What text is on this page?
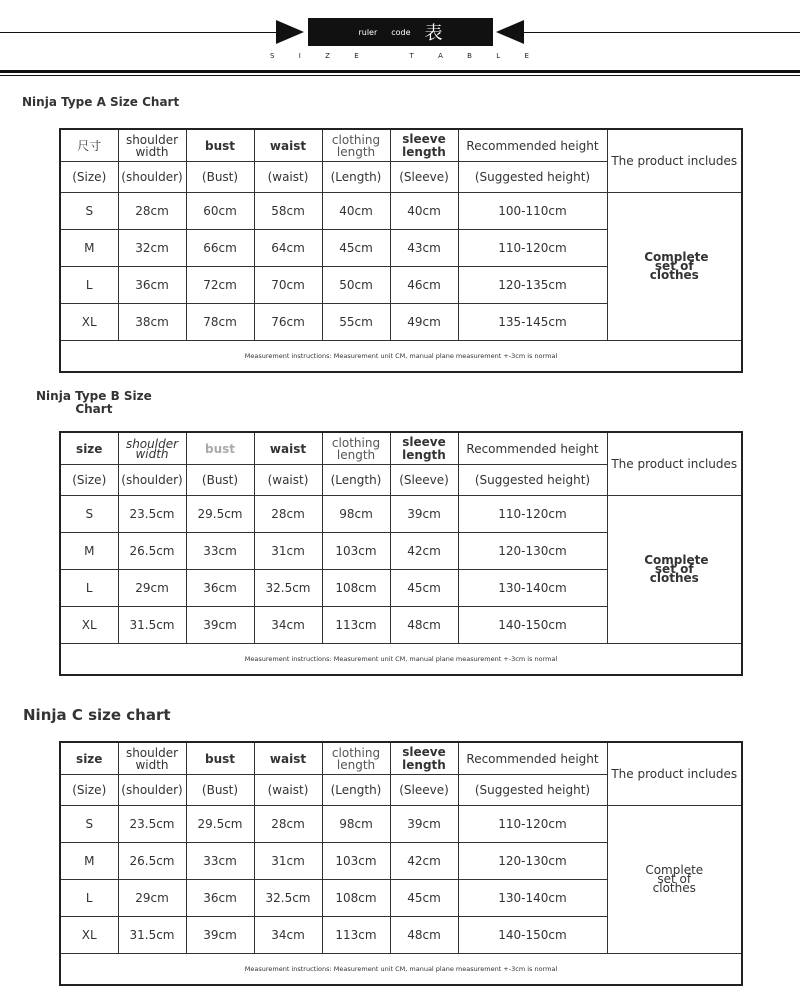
ruler code 表
S	I	Z	E
	T	A	B	L	E
Ninja Type A Size Chart
Ninja Type B Size
Chart
Ninja C size chart
尺寸	shoulder width	bust	waist	clothing length	sleeve length	Recommended height	The product includes
(Size)	(shoulder)	(Bust)	(waist)	(Length)	(Sleeve)	(Suggested height)	
S	28cm	60cm	58cm	40cm	40cm	100-110cm	Complete set of clothes

M	32cm	66cm	64cm	45cm	43cm	110-120cm	
L	36cm	72cm	70cm	50cm	46cm	120-135cm	
XL	38cm	78cm	76cm	55cm	49cm	135-145cm	

Measurement instructions: Measurement unit CM, manual plane measurement +-3cm is normal							
size	shoulder width	bust	waist	clothing length	sleeve length	Recommended height	The product includes
(Size)	(shoulder)	(Bust)	(waist)	(Length)	(Sleeve)	(Suggested height)	
S	23.5cm	29.5cm	28cm	98cm	39cm	110-120cm	Complete set of clothes

M	26.5cm	33cm	31cm	103cm	42cm	120-130cm	
L	29cm	36cm	32.5cm	108cm	45cm	130-140cm	
XL	31.5cm	39cm	34cm	113cm	48cm	140-150cm	

Measurement instructions: Measurement unit CM, manual plane measurement +-3cm is normal							
size	shoulder width	bust	waist	clothing length	sleeve length	Recommended height	The product includes
(Size)	(shoulder)	(Bust)	(waist)	(Length)	(Sleeve)	(Suggested height)	
S	23.5cm	29.5cm	28cm	98cm	39cm	110-120cm	Complete set of clothes

M	26.5cm	33cm	31cm	103cm	42cm	120-130cm	
L	29cm	36cm	32.5cm	108cm	45cm	130-140cm	
XL	31.5cm	39cm	34cm	113cm	48cm	140-150cm	

Measurement instructions: Measurement unit CM, manual plane measurement +-3cm is normal							
